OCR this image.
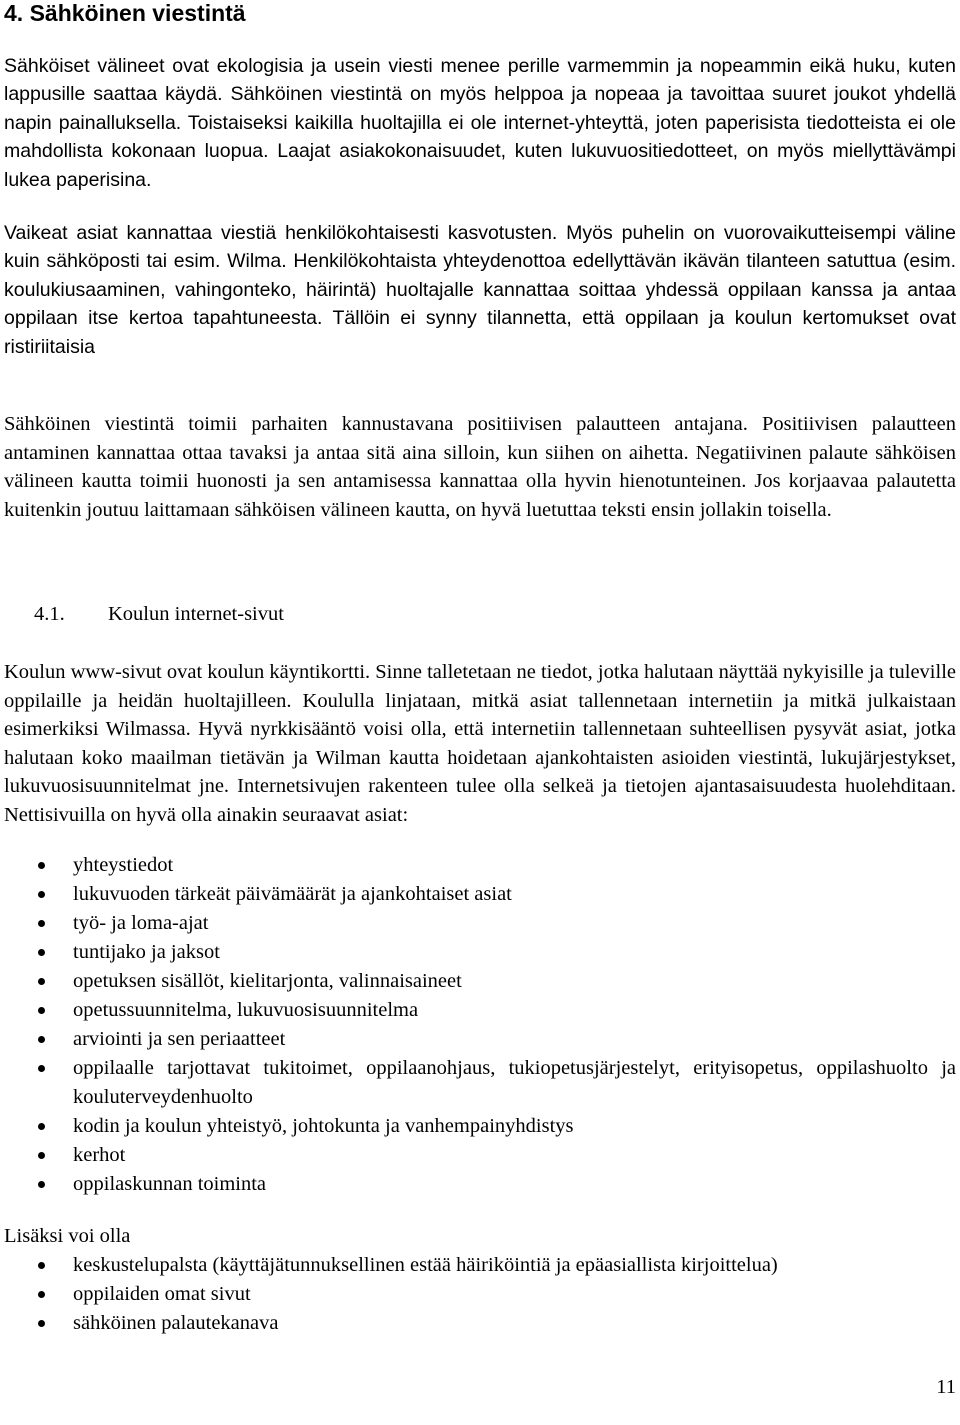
4. Sähköinen viestintä

Sähköiset välineet ovat ekologisia ja usein viesti menee perille varmemmin ja nopeammin eikä huku, kuten lappusille saattaa käydä. Sähköinen viestintä on myös helppoa ja nopeaa ja tavoittaa suuret joukot yhdellä napin painalluksella. Toistaiseksi kaikilla huoltajilla ei ole internet-yhteyttä, joten paperisista tiedotteista ei ole mahdollista kokonaan luopua. Laajat asiakokonaisuudet, kuten lukuvuositiedotteet, on myös miellyttävämpi lukea paperisina.

Vaikeat asiat kannattaa viestiä henkilökohtaisesti kasvotusten. Myös puhelin on vuorovaikutteisempi väline kuin sähköposti tai esim. Wilma. Henkilökohtaista yhteydenottoa edellyttävän ikävän tilanteen satuttua (esim. koulukiusaaminen, vahingonteko, häirintä) huoltajalle kannattaa soittaa yhdessä oppilaan kanssa ja antaa oppilaan itse kertoa tapahtuneesta. Tällöin ei synny tilannetta, että oppilaan ja koulun kertomukset ovat ristiriitaisia

Sähköinen viestintä toimii parhaiten kannustavana positiivisen palautteen antajana. Positiivisen palautteen antaminen kannattaa ottaa tavaksi ja antaa sitä aina silloin, kun siihen on aihetta. Negatiivinen palaute sähköisen välineen kautta toimii huonosti ja sen antamisessa kannattaa olla hyvin hienotunteinen. Jos korjaavaa palautetta kuitenkin joutuu laittamaan sähköisen välineen kautta, on hyvä luetuttaa teksti ensin jollakin toisella.

4.1. Koulun internet-sivut

Koulun www-sivut ovat koulun käyntikortti. Sinne talletetaan ne tiedot, jotka halutaan näyttää nykyisille ja tuleville oppilaille ja heidän huoltajilleen. Koululla linjataan, mitkä asiat tallennetaan internetiin ja mitkä julkaistaan esimerkiksi Wilmassa. Hyvä nyrkkisääntö voisi olla, että internetiin tallennetaan suhteellisen pysyvät asiat, jotka halutaan koko maailman tietävän ja Wilman kautta hoidetaan ajankohtaisten asioiden viestintä, lukujärjestykset, lukuvuosisuunnitelmat jne. Internetsivujen rakenteen tulee olla selkeä ja tietojen ajantasaisuudesta huolehditaan. Nettisivuilla on hyvä olla ainakin seuraavat asiat:

yhteystiedot
lukuvuoden tärkeät päivämäärät ja ajankohtaiset asiat
työ- ja loma-ajat
tuntijako ja jaksot
opetuksen sisällöt, kielitarjonta, valinnaisaineet
opetussuunnitelma, lukuvuosisuunnitelma
arviointi ja sen periaatteet
oppilaalle tarjottavat tukitoimet, oppilaanohjaus, tukiopetusjärjestelyt, erityisopetus, oppilashuolto ja kouluterveydenhuolto
kodin ja koulun yhteistyö, johtokunta ja vanhempainyhdistys
kerhot
oppilaskunnan toiminta

Lisäksi voi olla

keskustelupalsta (käyttäjätunnuksellinen estää häiriköintiä ja epäasiallista kirjoittelua)
oppilaiden omat sivut
sähköinen palautekanava
11
